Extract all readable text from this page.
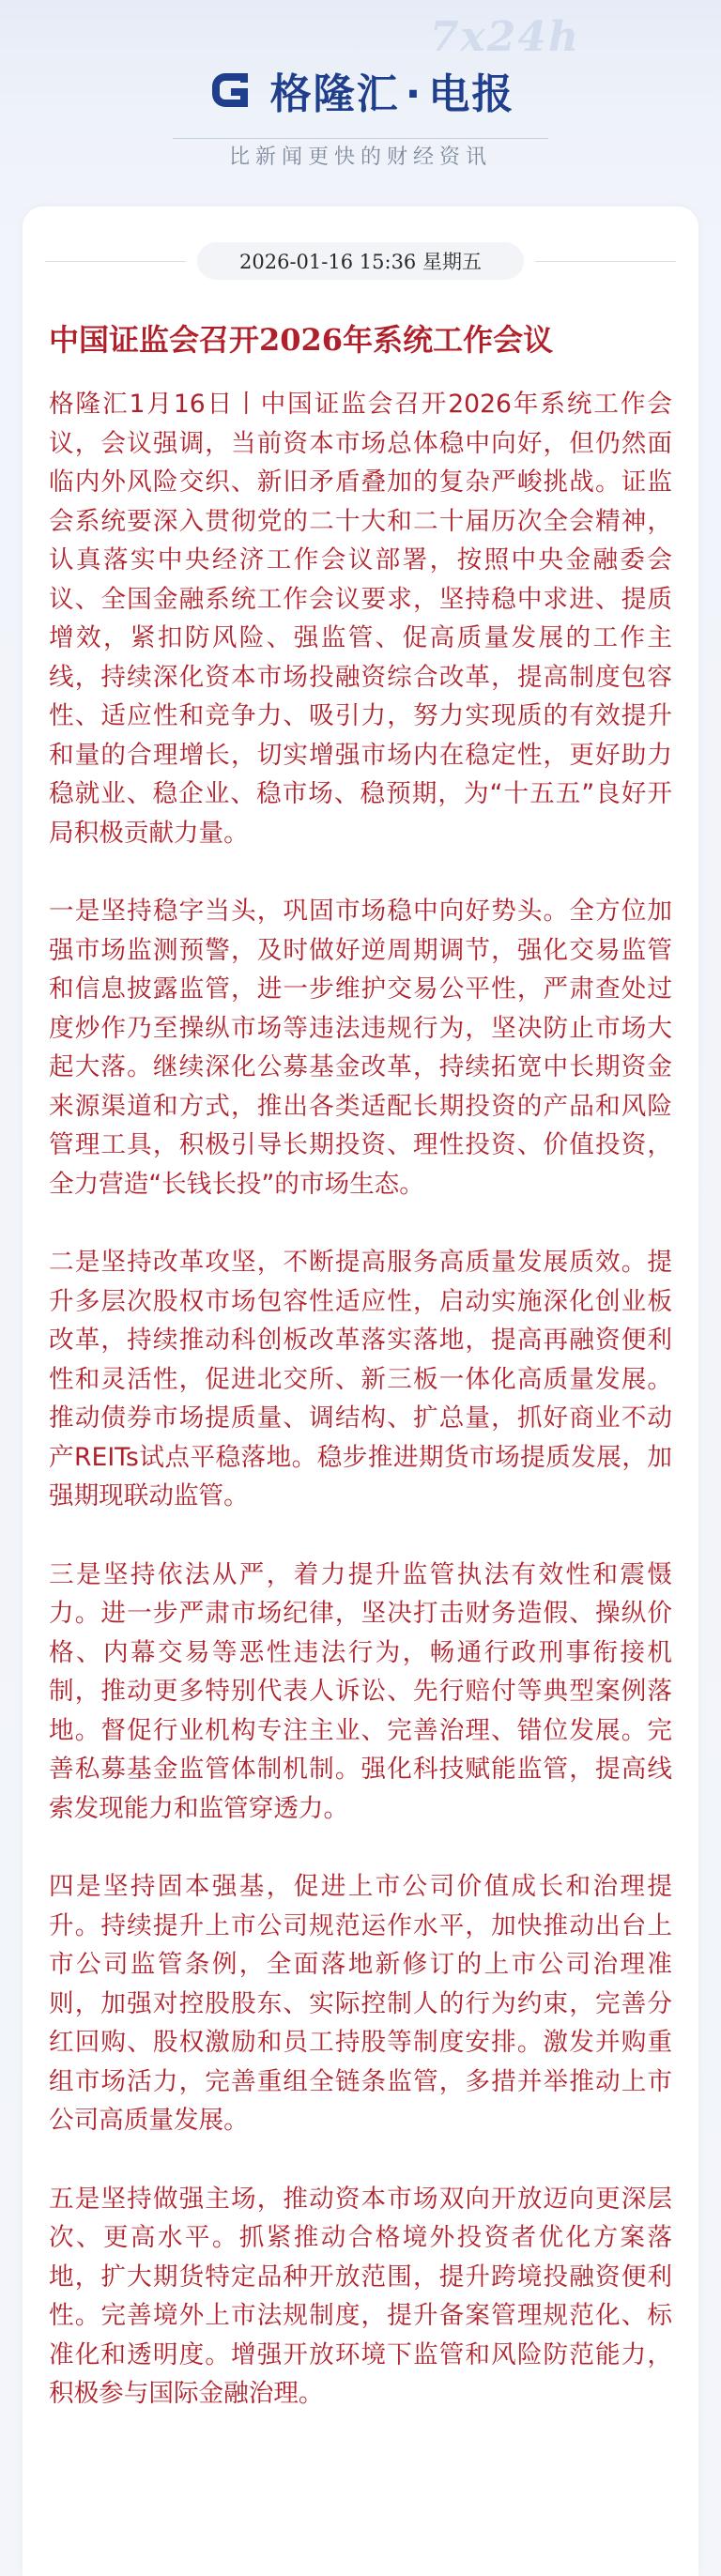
7x24h
格隆汇 · 电报
比新闻更快的财经资讯
2026-01-16 15:36 星期五
中国证监会召开2026年系统工作会议

格隆汇1月16日丨中国证监会召开2026年系统工作会议，会议强调，当前资本市场总体稳中向好，但仍然面临内外风险交织、新旧矛盾叠加的复杂严峻挑战。证监会系统要深入贯彻党的二十大和二十届历次全会精神，认真落实中央经济工作会议部署，按照中央金融委会议、全国金融系统工作会议要求，坚持稳中求进、提质增效，紧扣防风险、强监管、促高质量发展的工作主线，持续深化资本市场投融资综合改革，提高制度包容性、适应性和竞争力、吸引力，努力实现质的有效提升和量的合理增长，切实增强市场内在稳定性，更好助力稳就业、稳企业、稳市场、稳预期，为“十五五”良好开局积极贡献力量。

一是坚持稳字当头，巩固市场稳中向好势头。全方位加强市场监测预警，及时做好逆周期调节，强化交易监管和信息披露监管，进一步维护交易公平性，严肃查处过度炒作乃至操纵市场等违法违规行为，坚决防止市场大起大落。继续深化公募基金改革，持续拓宽中长期资金来源渠道和方式，推出各类适配长期投资的产品和风险管理工具，积极引导长期投资、理性投资、价值投资，全力营造“长钱长投”的市场生态。

二是坚持改革攻坚，不断提高服务高质量发展质效。提升多层次股权市场包容性适应性，启动实施深化创业板改革，持续推动科创板改革落实落地，提高再融资便利性和灵活性，促进北交所、新三板一体化高质量发展。推动债券市场提质量、调结构、扩总量，抓好商业不动产REITs试点平稳落地。稳步推进期货市场提质发展，加强期现联动监管。

三是坚持依法从严，着力提升监管执法有效性和震慑力。进一步严肃市场纪律，坚决打击财务造假、操纵价格、内幕交易等恶性违法行为，畅通行政刑事衔接机制，推动更多特别代表人诉讼、先行赔付等典型案例落地。督促行业机构专注主业、完善治理、错位发展。完善私募基金监管体制机制。强化科技赋能监管，提高线索发现能力和监管穿透力。

四是坚持固本强基，促进上市公司价值成长和治理提升。持续提升上市公司规范运作水平，加快推动出台上市公司监管条例，全面落地新修订的上市公司治理准则，加强对控股股东、实际控制人的行为约束，完善分红回购、股权激励和员工持股等制度安排。激发并购重组市场活力，完善重组全链条监管，多措并举推动上市公司高质量发展。

五是坚持做强主场，推动资本市场双向开放迈向更深层次、更高水平。抓紧推动合格境外投资者优化方案落地，扩大期货特定品种开放范围，提升跨境投融资便利性。完善境外上市法规制度，提升备案管理规范化、标准化和透明度。增强开放环境下监管和风险防范能力，积极参与国际金融治理。
